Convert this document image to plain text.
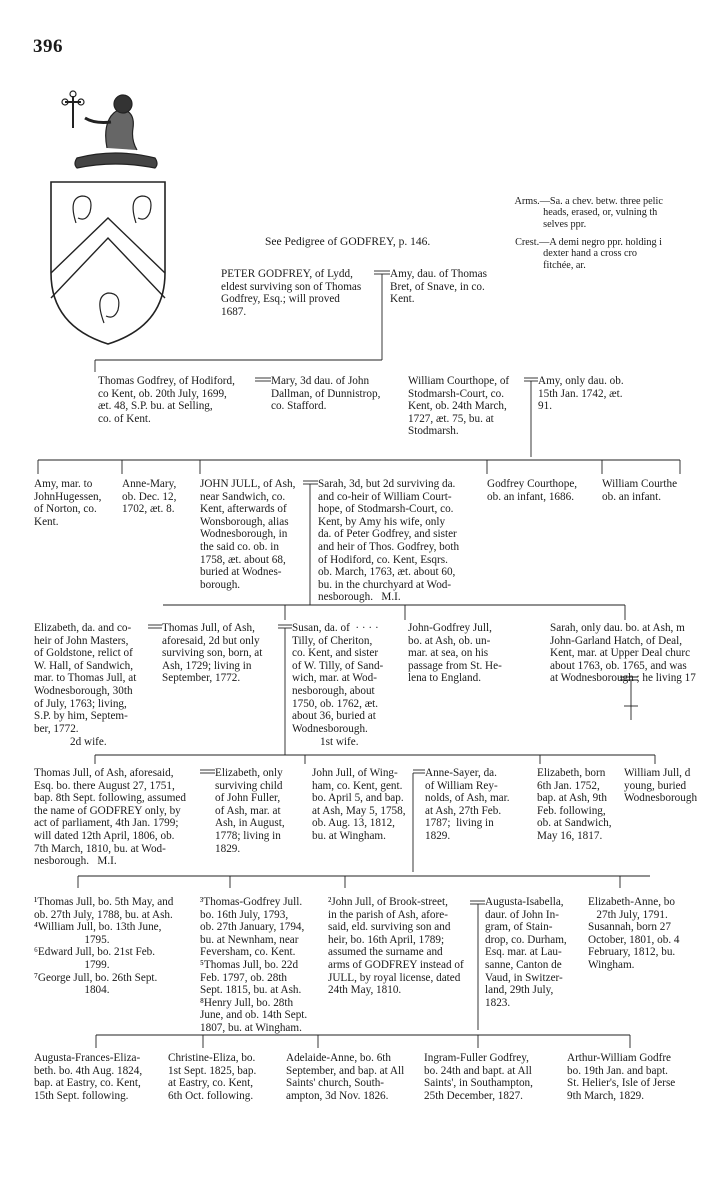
396

Arms.—Sa. a chev. betw. three pelic
heads, erased, or, vulning th
selves ppr.

Crest.—A demi negro ppr. holding i
dexter hand a cross cro
fitchée, ar.

See Pedigree of GODFREY, p. 146.
PETER GODFREY, of Lydd,
eldest surviving son of Thomas
Godfrey, Esq.; will proved
1687.
Amy, dau. of Thomas
Bret, of Snave, in co.
Kent.
Thomas Godfrey, of Hodiford,
co Kent, ob. 20th July, 1699,
æt. 48, S.P. bu. at Selling,
co. of Kent.
Mary, 3d dau. of John
Dallman, of Dunnistrop,
co. Stafford.
William Courthope, of
Stodmarsh-Court, co.
Kent, ob. 24th March,
1727, æt. 75, bu. at
Stodmarsh.
Amy, only dau. ob.
15th Jan. 1742, æt.
91.
Amy, mar. to
JohnHugessen,
of Norton, co.
Kent.
Anne-Mary,
ob. Dec. 12,
1702, æt. 8.
JOHN JULL, of Ash,
near Sandwich, co.
Kent, afterwards of
Wonsborough, alias
Wodnesborough, in
the said co. ob. in
1758, æt. about 68,
buried at Wodnes-
borough.
Sarah, 3d, but 2d surviving da.
and co-heir of William Court-
hope, of Stodmarsh-Court, co.
Kent, by Amy his wife, only
da. of Peter Godfrey, and sister
and heir of Thos. Godfrey, both
of Hodiford, co. Kent, Esqrs.
ob. March, 1763, æt. about 60,
bu. in the churchyard at Wod-
nesborough.   M.I.
Godfrey Courthope,
ob. an infant, 1686.
William Courthe
ob. an infant.
Elizabeth, da. and co-
heir of John Masters,
of Goldstone, relict of
W. Hall, of Sandwich,
mar. to Thomas Jull, at
Wodnesborough, 30th
of July, 1763; living,
S.P. by him, Septem-
ber, 1772.
2d wife.
Thomas Jull, of Ash,
aforesaid, 2d but only
surviving son, born, at
Ash, 1729; living in
September, 1772.
Susan, da. of  · · · ·
Tilly, of Cheriton,
co. Kent, and sister
of W. Tilly, of Sand-
wich, mar. at Wod-
nesborough, about
1750, ob. 1762, æt.
about 36, buried at
Wodnesborough.
1st wife.
John-Godfrey Jull,
bo. at Ash, ob. un-
mar. at sea, on his
passage from St. He-
lena to England.
Sarah, only dau. bo. at Ash, m
John-Garland Hatch, of Deal,
Kent, mar. at Upper Deal churc
about 1763, ob. 1765, and was
at Wodnesborough ; he living 17
Thomas Jull, of Ash, aforesaid,
Esq. bo. there August 27, 1751,
bap. 8th Sept. following, assumed
the name of GODFREY only, by
act of parliament, 4th Jan. 1799;
will dated 12th April, 1806, ob.
7th March, 1810, bu. at Wod-
nesborough.   M.I.
Elizabeth, only
surviving child
of John Fuller,
of Ash, mar. at
Ash, in August,
1778; living in
1829.
John Jull, of Wing-
ham, co. Kent, gent.
bo. April 5, and bap.
at Ash, May 5, 1758,
ob. Aug. 13, 1812,
bu. at Wingham.
Anne-Sayer, da.
of William Rey-
nolds, of Ash, mar.
at Ash, 27th Feb.
1787;  living in
1829.
Elizabeth, born
6th Jan. 1752,
bap. at Ash, 9th
Feb. following,
ob. at Sandwich,
May 16, 1817.
William Jull, d
young, buried
Wodnesborough
¹Thomas Jull, bo. 5th May, and
ob. 27th July, 1788, bu. at Ash.
⁴William Jull, bo. 13th June,
1795.
⁶Edward Jull, bo. 21st Feb.
1799.
⁷George Jull, bo. 26th Sept.
1804.
³Thomas-Godfrey Jull.
bo. 16th July, 1793,
ob. 27th January, 1794,
bu. at Newnham, near
Feversham, co. Kent.
⁵Thomas Jull, bo. 22d
Feb. 1797, ob. 28th
Sept. 1815, bu. at Ash.
⁸Henry Jull, bo. 28th
June, and ob. 14th Sept.
1807, bu. at Wingham.
²John Jull, of Brook-street,
in the parish of Ash, afore-
said, eld. surviving son and
heir, bo. 16th April, 1789;
assumed the surname and
arms of GODFREY instead of
JULL, by royal license, dated
24th May, 1810.
Augusta-Isabella,
daur. of John In-
gram, of Stain-
drop, co. Durham,
Esq. mar. at Lau-
sanne, Canton de
Vaud, in Switzer-
land, 29th July,
1823.
Elizabeth-Anne, bo
27th July, 1791.
Susannah, born 27
October, 1801, ob. 4
February, 1812, bu.
Wingham.
Augusta-Frances-Eliza-
beth. bo. 4th Aug. 1824,
bap. at Eastry, co. Kent,
15th Sept. following.
Christine-Eliza, bo.
1st Sept. 1825, bap.
at Eastry, co. Kent,
6th Oct. following.
Adelaide-Anne, bo. 6th
September, and bap. at All
Saints' church, South-
ampton, 3d Nov. 1826.
Ingram-Fuller Godfrey,
bo. 24th and bapt. at All
Saints', in Southampton,
25th December, 1827.
Arthur-William Godfre
bo. 19th Jan. and bapt.
St. Helier's, Isle of Jerse
9th March, 1829.
